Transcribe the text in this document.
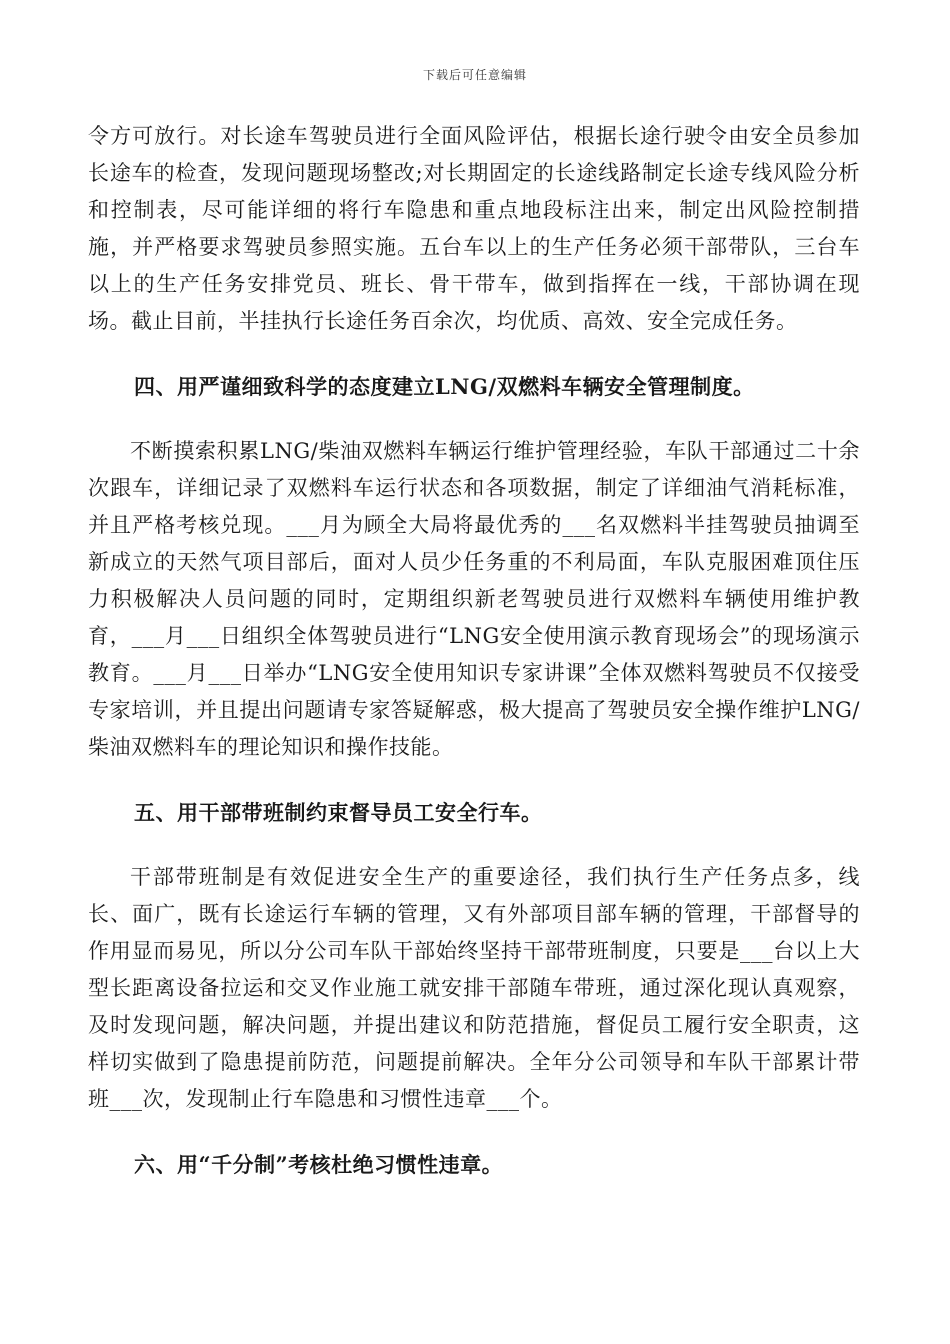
下载后可任意编辑

令方可放行。对长途车驾驶员进行全面风险评估，根据长途行驶令由安全员参加长途车的检查，发现问题现场整改;对长期固定的长途线路制定长途专线风险分析和控制表，尽可能详细的将行车隐患和重点地段标注出来，制定出风险控制措施，并严格要求驾驶员参照实施。五台车以上的生产任务必须干部带队，三台车以上的生产任务安排党员、班长、骨干带车，做到指挥在一线，干部协调在现场。截止目前，半挂执行长途任务百余次，均优质、高效、安全完成任务。

四、用严谨细致科学的态度建立LNG/双燃料车辆安全管理制度。

不断摸索积累LNG/柴油双燃料车辆运行维护管理经验，车队干部通过二十余次跟车，详细记录了双燃料车运行状态和各项数据，制定了详细油气消耗标准，并且严格考核兑现。___月为顾全大局将最优秀的___名双燃料半挂驾驶员抽调至新成立的天然气项目部后，面对人员少任务重的不利局面，车队克服困难顶住压力积极解决人员问题的同时，定期组织新老驾驶员进行双燃料车辆使用维护教育，___月___日组织全体驾驶员进行“LNG安全使用演示教育现场会”的现场演示教育。___月___日举办“LNG安全使用知识专家讲课”全体双燃料驾驶员不仅接受专家培训，并且提出问题请专家答疑解惑，极大提高了驾驶员安全操作维护LNG/柴油双燃料车的理论知识和操作技能。

五、用干部带班制约束督导员工安全行车。

干部带班制是有效促进安全生产的重要途径，我们执行生产任务点多，线长、面广，既有长途运行车辆的管理，又有外部项目部车辆的管理，干部督导的作用显而易见，所以分公司车队干部始终坚持干部带班制度，只要是___台以上大型长距离设备拉运和交叉作业施工就安排干部随车带班，通过深化现认真观察，及时发现问题，解决问题，并提出建议和防范措施，督促员工履行安全职责，这样切实做到了隐患提前防范，问题提前解决。全年分公司领导和车队干部累计带班___次，发现制止行车隐患和习惯性违章___个。

六、用“千分制”考核杜绝习惯性违章。
